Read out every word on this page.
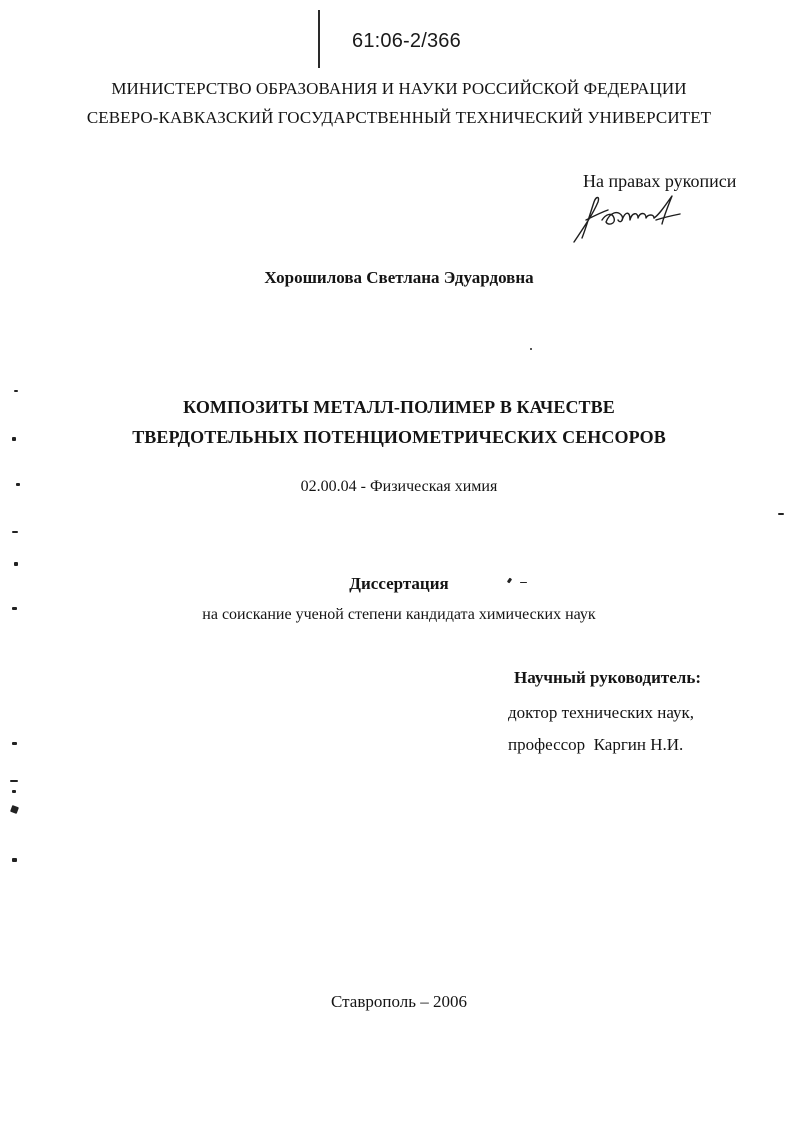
61:06-2/366
МИНИСТЕРСТВО ОБРАЗОВАНИЯ И НАУКИ РОССИЙСКОЙ ФЕДЕРАЦИИ
СЕВЕРО-КАВКАЗСКИЙ ГОСУДАРСТВЕННЫЙ ТЕХНИЧЕСКИЙ УНИВЕРСИТЕТ
На правах рукописи
Хорошилова Светлана Эдуардовна
КОМПОЗИТЫ МЕТАЛЛ-ПОЛИМЕР В КАЧЕСТВЕ
ТВЕРДОТЕЛЬНЫХ ПОТЕНЦИОМЕТРИЧЕСКИХ СЕНСОРОВ
02.00.04 - Физическая химия
Диссертация
на соискание ученой степени кандидата химических наук
Научный руководитель:
доктор технических наук,
профессор  Каргин Н.И.
Ставрополь – 2006
